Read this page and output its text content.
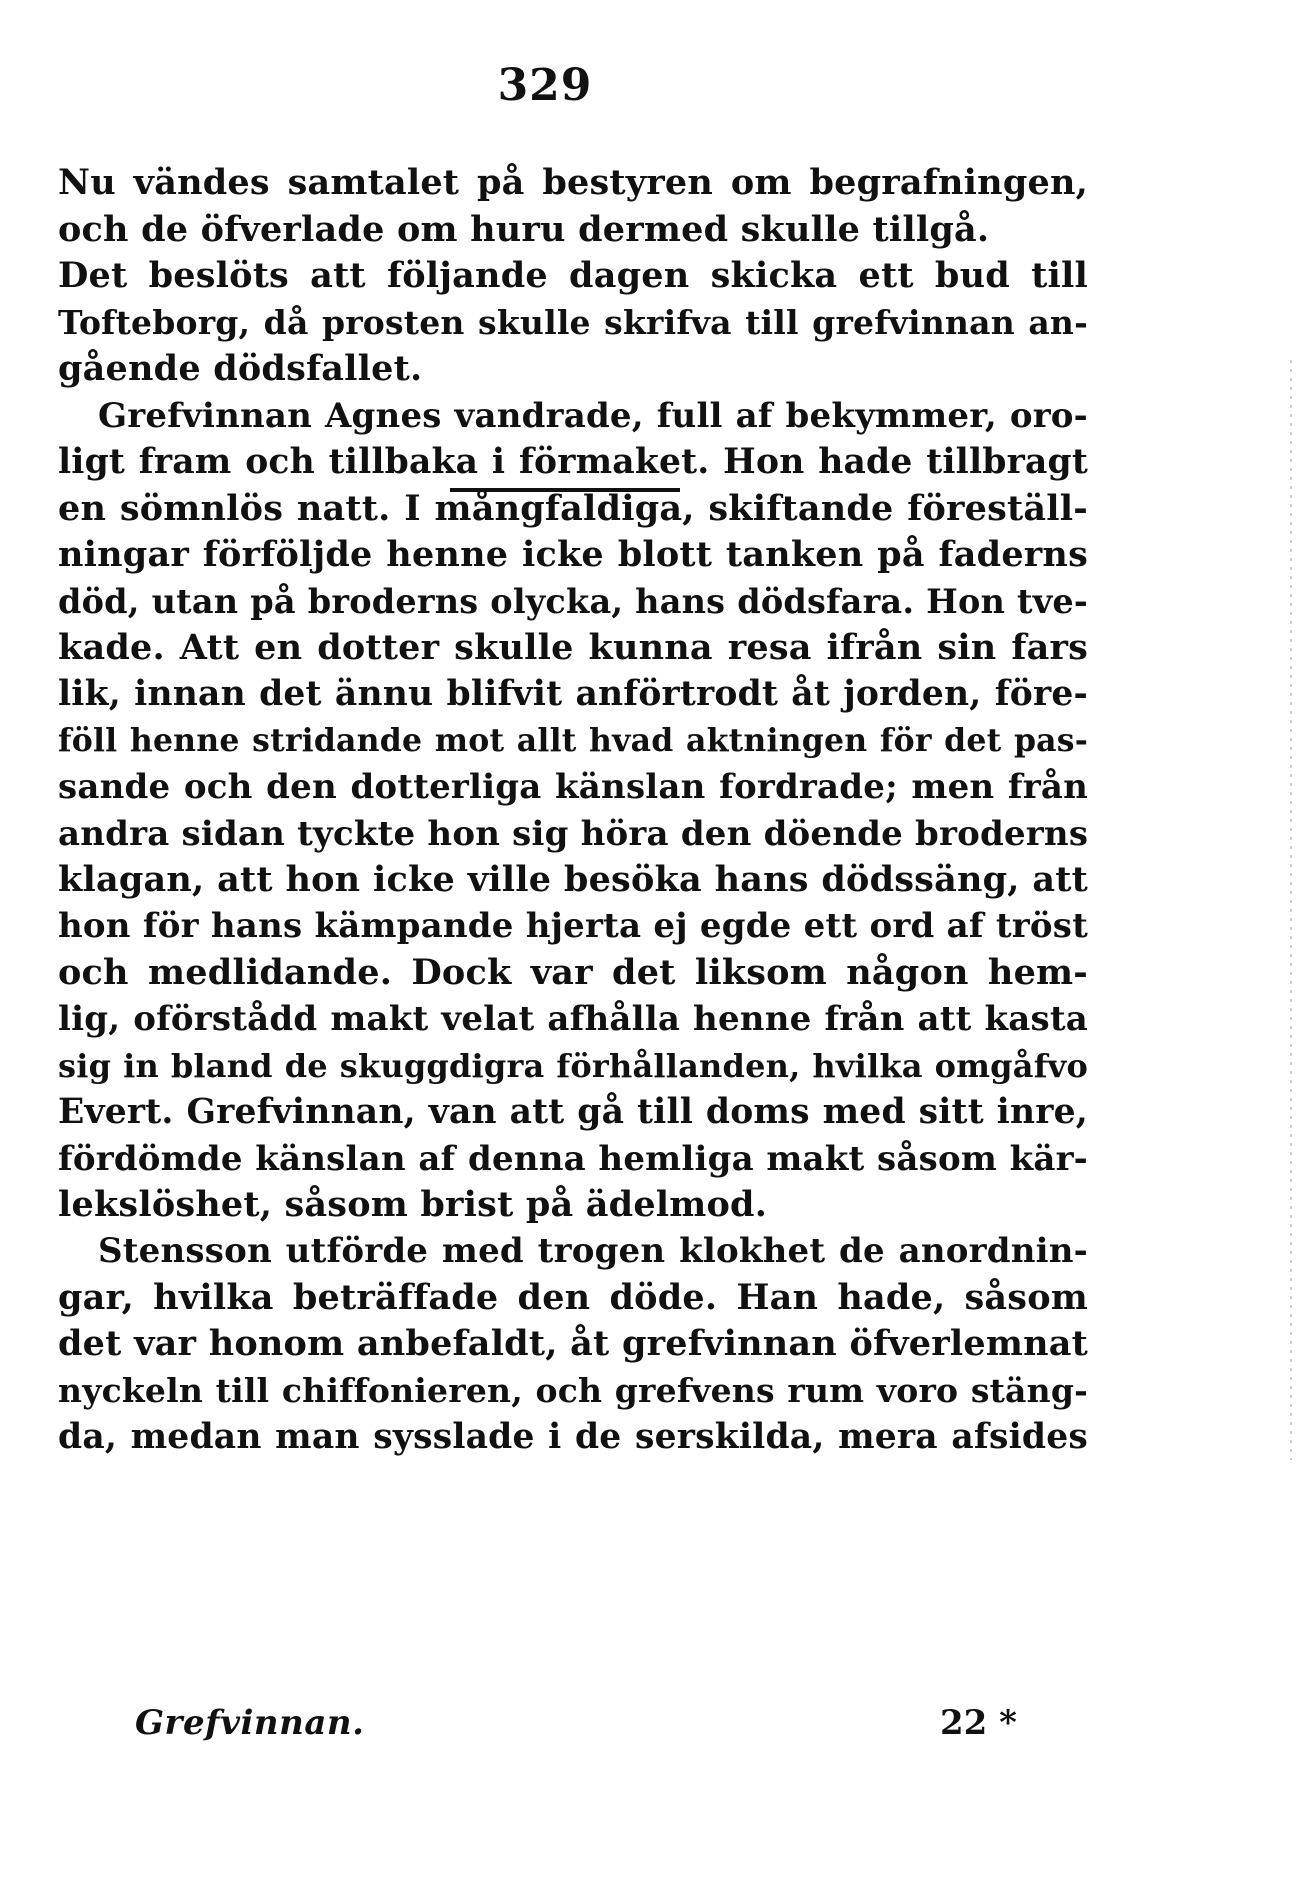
329
Nu vändes samtalet på bestyren om begrafningen,
och de öfverlade om huru dermed skulle tillgå.
Det beslöts att följande dagen skicka ett bud till
Tofteborg, då prosten skulle skrifva till grefvinnan an-
gående dödsfallet.
Grefvinnan Agnes vandrade, full af bekymmer, oro-
ligt fram och tillbaka i förmaket. Hon hade tillbragt
en sömnlös natt. I mångfaldiga, skiftande föreställ-
ningar förföljde henne icke blott tanken på faderns
död, utan på broderns olycka, hans dödsfara. Hon tve-
kade. Att en dotter skulle kunna resa ifrån sin fars
lik, innan det ännu blifvit anförtrodt åt jorden, före-
föll henne stridande mot allt hvad aktningen för det pas-
sande och den dotterliga känslan fordrade; men från
andra sidan tyckte hon sig höra den döende broderns
klagan, att hon icke ville besöka hans dödssäng, att
hon för hans kämpande hjerta ej egde ett ord af tröst
och medlidande. Dock var det liksom någon hem-
lig, oförstådd makt velat afhålla henne från att kasta
sig in bland de skuggdigra förhållanden, hvilka omgåfvo
Evert. Grefvinnan, van att gå till doms med sitt inre,
fördömde känslan af denna hemliga makt såsom kär-
lekslöshet, såsom brist på ädelmod.
Stensson utförde med trogen klokhet de anordnin-
gar, hvilka beträffade den döde. Han hade, såsom
det var honom anbefaldt, åt grefvinnan öfverlemnat
nyckeln till chiffonieren, och grefvens rum voro stäng-
da, medan man sysslade i de serskilda, mera afsides
Grefvinnan.	22 *
